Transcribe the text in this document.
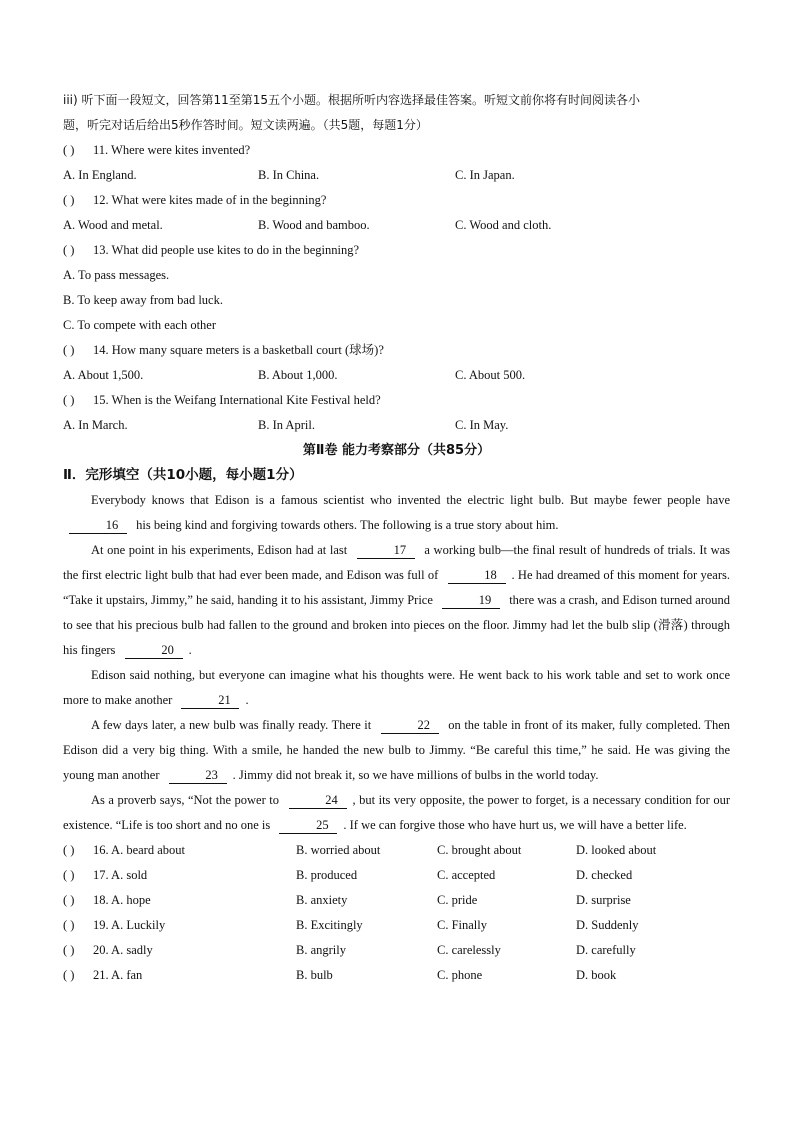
iii) 听下面一段短文，回答第11至第15五个小题。根据所听内容选择最佳答案。听短文前你将有时间阅读各小
题，听完对话后给出5秒作答时间。短文读两遍。（共5题，每题1分）
( ) 11. Where were kites invented?
A. In England.	B. In China.	C. In Japan.
( ) 12. What were kites made of in the beginning?
A. Wood and metal.	B. Wood and bamboo.	C. Wood and cloth.
( ) 13. What did people use kites to do in the beginning?
A. To pass messages.
B. To keep away from bad luck.
C. To compete with each other
( ) 14. How many square meters is a basketball court (球场)?
A. About 1,500.	B. About 1,000.	C. About 500.
( ) 15. When is the Weifang International Kite Festival held?
A. In March.	B. In April.	C. In May.
第Ⅱ卷 能力考察部分（共85分）
Ⅱ．完形填空（共10小题，每小题1分）
Everybody knows that Edison is a famous scientist who invented the electric light bulb. But maybe fewer people have 16 his being kind and forgiving towards others. The following is a true story about him.
At one point in his experiments, Edison had at last	17 a working bulb—the final result of hundreds of trials. It was the first electric light bulb that had ever been made, and Edison was full of	18 . He had dreamed of this moment for years. “Take it upstairs, Jimmy,” he said, handing it to his assistant, Jimmy Price	19 there was a crash, and Edison turned around to see that his precious bulb had fallen to the ground and broken into pieces on the floor. Jimmy had let the bulb slip (滑落) through his fingers	20 .
Edison said nothing, but everyone can imagine what his thoughts were. He went back to his work table and set to work once more to make another	21 .
A few days later, a new bulb was finally ready. There it	22 on the table in front of its maker, fully completed. Then Edison did a very big thing. With a smile, he handed the new bulb to Jimmy. “Be careful this time,” he said. He was giving the young man another	23 . Jimmy did not break it, so we have millions of bulbs in the world today.
As a proverb says, “Not the power to	24 , but its very opposite, the power to forget, is a necessary condition for our existence. “Life is too short and no one is	25 . If we can forgive those who have hurt us, we will have a better life.
( )	16. A. beard about	B. worried about	C. brought about	D. looked about
( )	17. A. sold	B. produced	C. accepted	D. checked
( )	18. A. hope	B. anxiety	C. pride	D. surprise
( )	19. A. Luckily	B. Excitingly	C. Finally	D. Suddenly
( )	20. A. sadly	B. angrily	C. carelessly	D. carefully
( )	21. A. fan	B. bulb	C. phone	D. book
